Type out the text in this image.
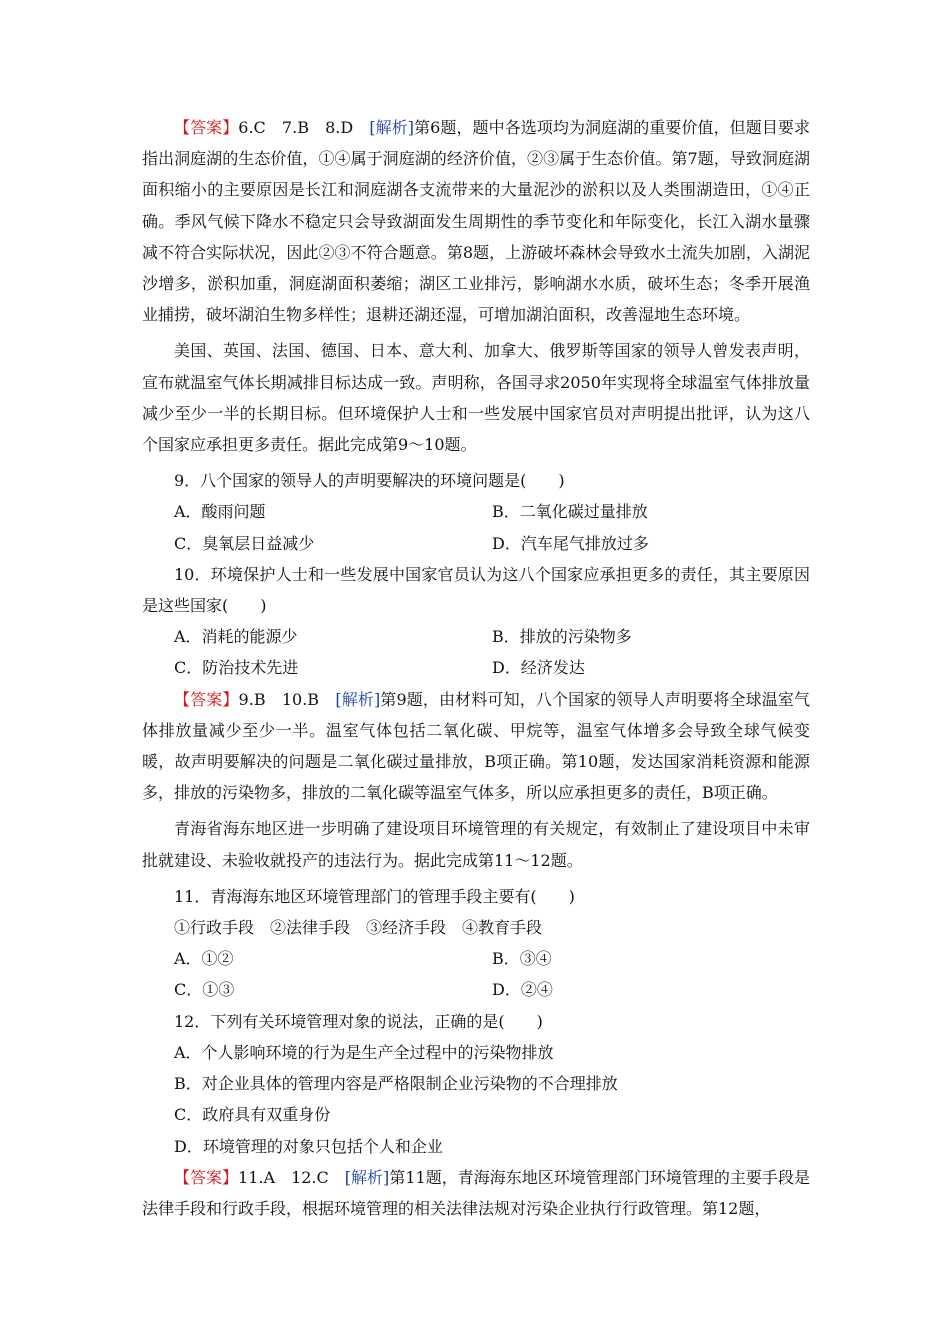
【答案】6.C　7.B　8.D　[解析]第6题，题中各选项均为洞庭湖的重要价值，但题目要求指出洞庭湖的生态价值，①④属于洞庭湖的经济价值，②③属于生态价值。第7题，导致洞庭湖面积缩小的主要原因是长江和洞庭湖各支流带来的大量泥沙的淤积以及人类围湖造田，①④正确。季风气候下降水不稳定只会导致湖面发生周期性的季节变化和年际变化，长江入湖水量骤减不符合实际状况，因此②③不符合题意。第8题，上游破坏森林会导致水土流失加剧，入湖泥沙增多，淤积加重，洞庭湖面积萎缩；湖区工业排污，影响湖水水质，破坏生态；冬季开展渔业捕捞，破坏湖泊生物多样性；退耕还湖还湿，可增加湖泊面积，改善湿地生态环境。

美国、英国、法国、德国、日本、意大利、加拿大、俄罗斯等国家的领导人曾发表声明，宣布就温室气体长期减排目标达成一致。声明称，各国寻求2050年实现将全球温室气体排放量减少至少一半的长期目标。但环境保护人士和一些发展中国家官员对声明提出批评，认为这八个国家应承担更多责任。据此完成第9～10题。

9．八个国家的领导人的声明要解决的环境问题是(　　)
A．酸雨问题	B．二氧化碳过量排放
C．臭氧层日益减少	D．汽车尾气排放过多
10．环境保护人士和一些发展中国家官员认为这八个国家应承担更多的责任，其主要原因是这些国家(　　)
A．消耗的能源少	B．排放的污染物多
C．防治技术先进	D．经济发达

【答案】9.B　10.B　[解析]第9题，由材料可知，八个国家的领导人声明要将全球温室气体排放量减少至少一半。温室气体包括二氧化碳、甲烷等，温室气体增多会导致全球气候变暖，故声明要解决的问题是二氧化碳过量排放，B项正确。第10题，发达国家消耗资源和能源多，排放的污染物多，排放的二氧化碳等温室气体多，所以应承担更多的责任，B项正确。

青海省海东地区进一步明确了建设项目环境管理的有关规定，有效制止了建设项目中未审批就建设、未验收就投产的违法行为。据此完成第11～12题。

11．青海海东地区环境管理部门的管理手段主要有(　　)
①行政手段　②法律手段　③经济手段　④教育手段
A．①②	B．③④
C．①③	D．②④
12．下列有关环境管理对象的说法，正确的是(　　)
A．个人影响环境的行为是生产全过程中的污染物排放
B．对企业具体的管理内容是严格限制企业污染物的不合理排放
C．政府具有双重身份
D．环境管理的对象只包括个人和企业

【答案】11.A　12.C　[解析]第11题，青海海东地区环境管理部门环境管理的主要手段是法律手段和行政手段，根据环境管理的相关法律法规对污染企业执行行政管理。第12题，
